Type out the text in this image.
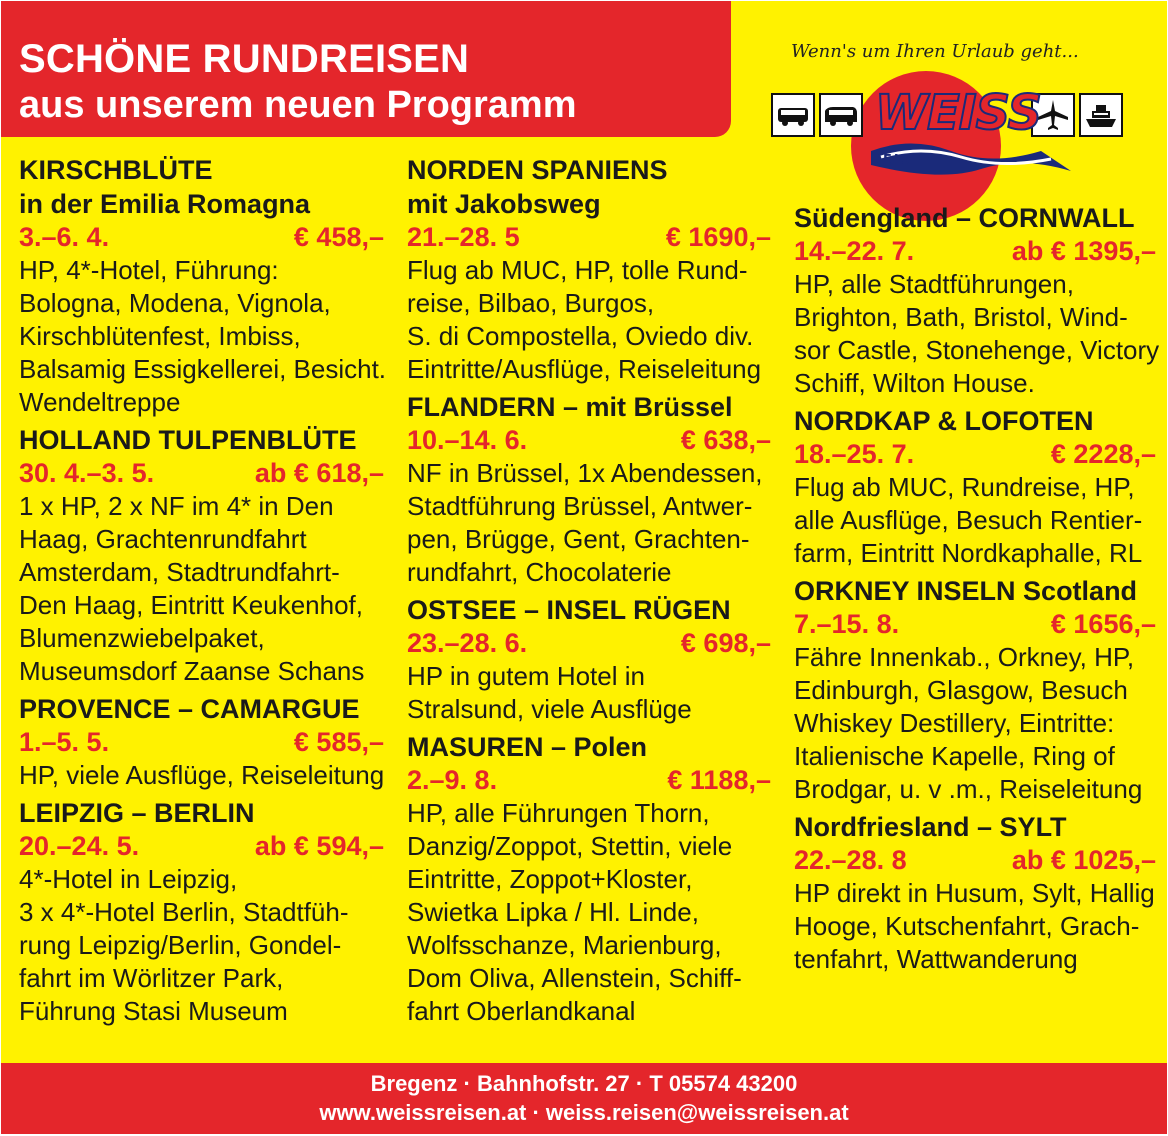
SCHÖNE RUNDREISEN
aus unserem neuen Programm
Wenn's um Ihren Urlaub geht...
WEISS
REISEN
KIRSCHBLÜTE
in der Emilia Romagna
3.–6. 4.	€ 458,–
HP, 4*-Hotel, Führung:
Bologna, Modena, Vignola,
Kirschblütenfest, Imbiss,
Balsamig Essigkellerei, Besicht.
Wendeltreppe
HOLLAND TULPENBLÜTE
30. 4.–3. 5.	ab € 618,–
1 x HP, 2 x NF im 4* in Den
Haag, Grachtenrundfahrt
Amsterdam, Stadtrundfahrt-
Den Haag, Eintritt Keukenhof,
Blumenzwiebelpaket,
Museumsdorf Zaanse Schans
PROVENCE – CAMARGUE
1.–5. 5.	€ 585,–
HP, viele Ausflüge, Reiseleitung
LEIPZIG – BERLIN
20.–24. 5.	ab € 594,–
4*-Hotel in Leipzig,
3 x 4*-Hotel Berlin, Stadtfüh-
rung Leipzig/Berlin, Gondel-
fahrt im Wörlitzer Park,
Führung Stasi Museum
NORDEN SPANIENS
mit Jakobsweg
21.–28. 5	€ 1690,–
Flug ab MUC, HP, tolle Rund-
reise, Bilbao, Burgos,
S. di Compostella, Oviedo div.
Eintritte/Ausflüge, Reiseleitung
FLANDERN – mit Brüssel
10.–14. 6.	€ 638,–
NF in Brüssel, 1x Abendessen,
Stadtführung Brüssel, Antwer-
pen, Brügge, Gent, Grachten-
rundfahrt, Chocolaterie
OSTSEE – INSEL RÜGEN
23.–28. 6.	€ 698,–
HP in gutem Hotel in
Stralsund, viele Ausflüge
MASUREN – Polen
2.–9. 8.	€ 1188,–
HP, alle Führungen Thorn,
Danzig/Zoppot, Stettin, viele
Eintritte, Zoppot+Kloster,
Swietka Lipka / Hl. Linde,
Wolfsschanze, Marienburg,
Dom Oliva, Allenstein, Schiff-
fahrt Oberlandkanal
Südengland – CORNWALL
14.–22. 7.	ab € 1395,–
HP, alle Stadtführungen,
Brighton, Bath, Bristol, Wind-
sor Castle, Stonehenge, Victory
Schiff, Wilton House.
NORDKAP & LOFOTEN
18.–25. 7.	€ 2228,–
Flug ab MUC, Rundreise, HP,
alle Ausflüge, Besuch Rentier-
farm, Eintritt Nordkaphalle, RL
ORKNEY INSELN Scotland
7.–15. 8.	€ 1656,–
Fähre Innenkab., Orkney, HP,
Edinburgh, Glasgow, Besuch
Whiskey Destillery, Eintritte:
Italienische Kapelle, Ring of
Brodgar, u. v .m., Reiseleitung
Nordfriesland – SYLT
22.–28. 8	ab € 1025,–
HP direkt in Husum, Sylt, Hallig
Hooge, Kutschenfahrt, Grach-
tenfahrt, Wattwanderung
Bregenz · Bahnhofstr. 27 · T 05574 43200
www.weissreisen.at · weiss.reisen@weissreisen.at
